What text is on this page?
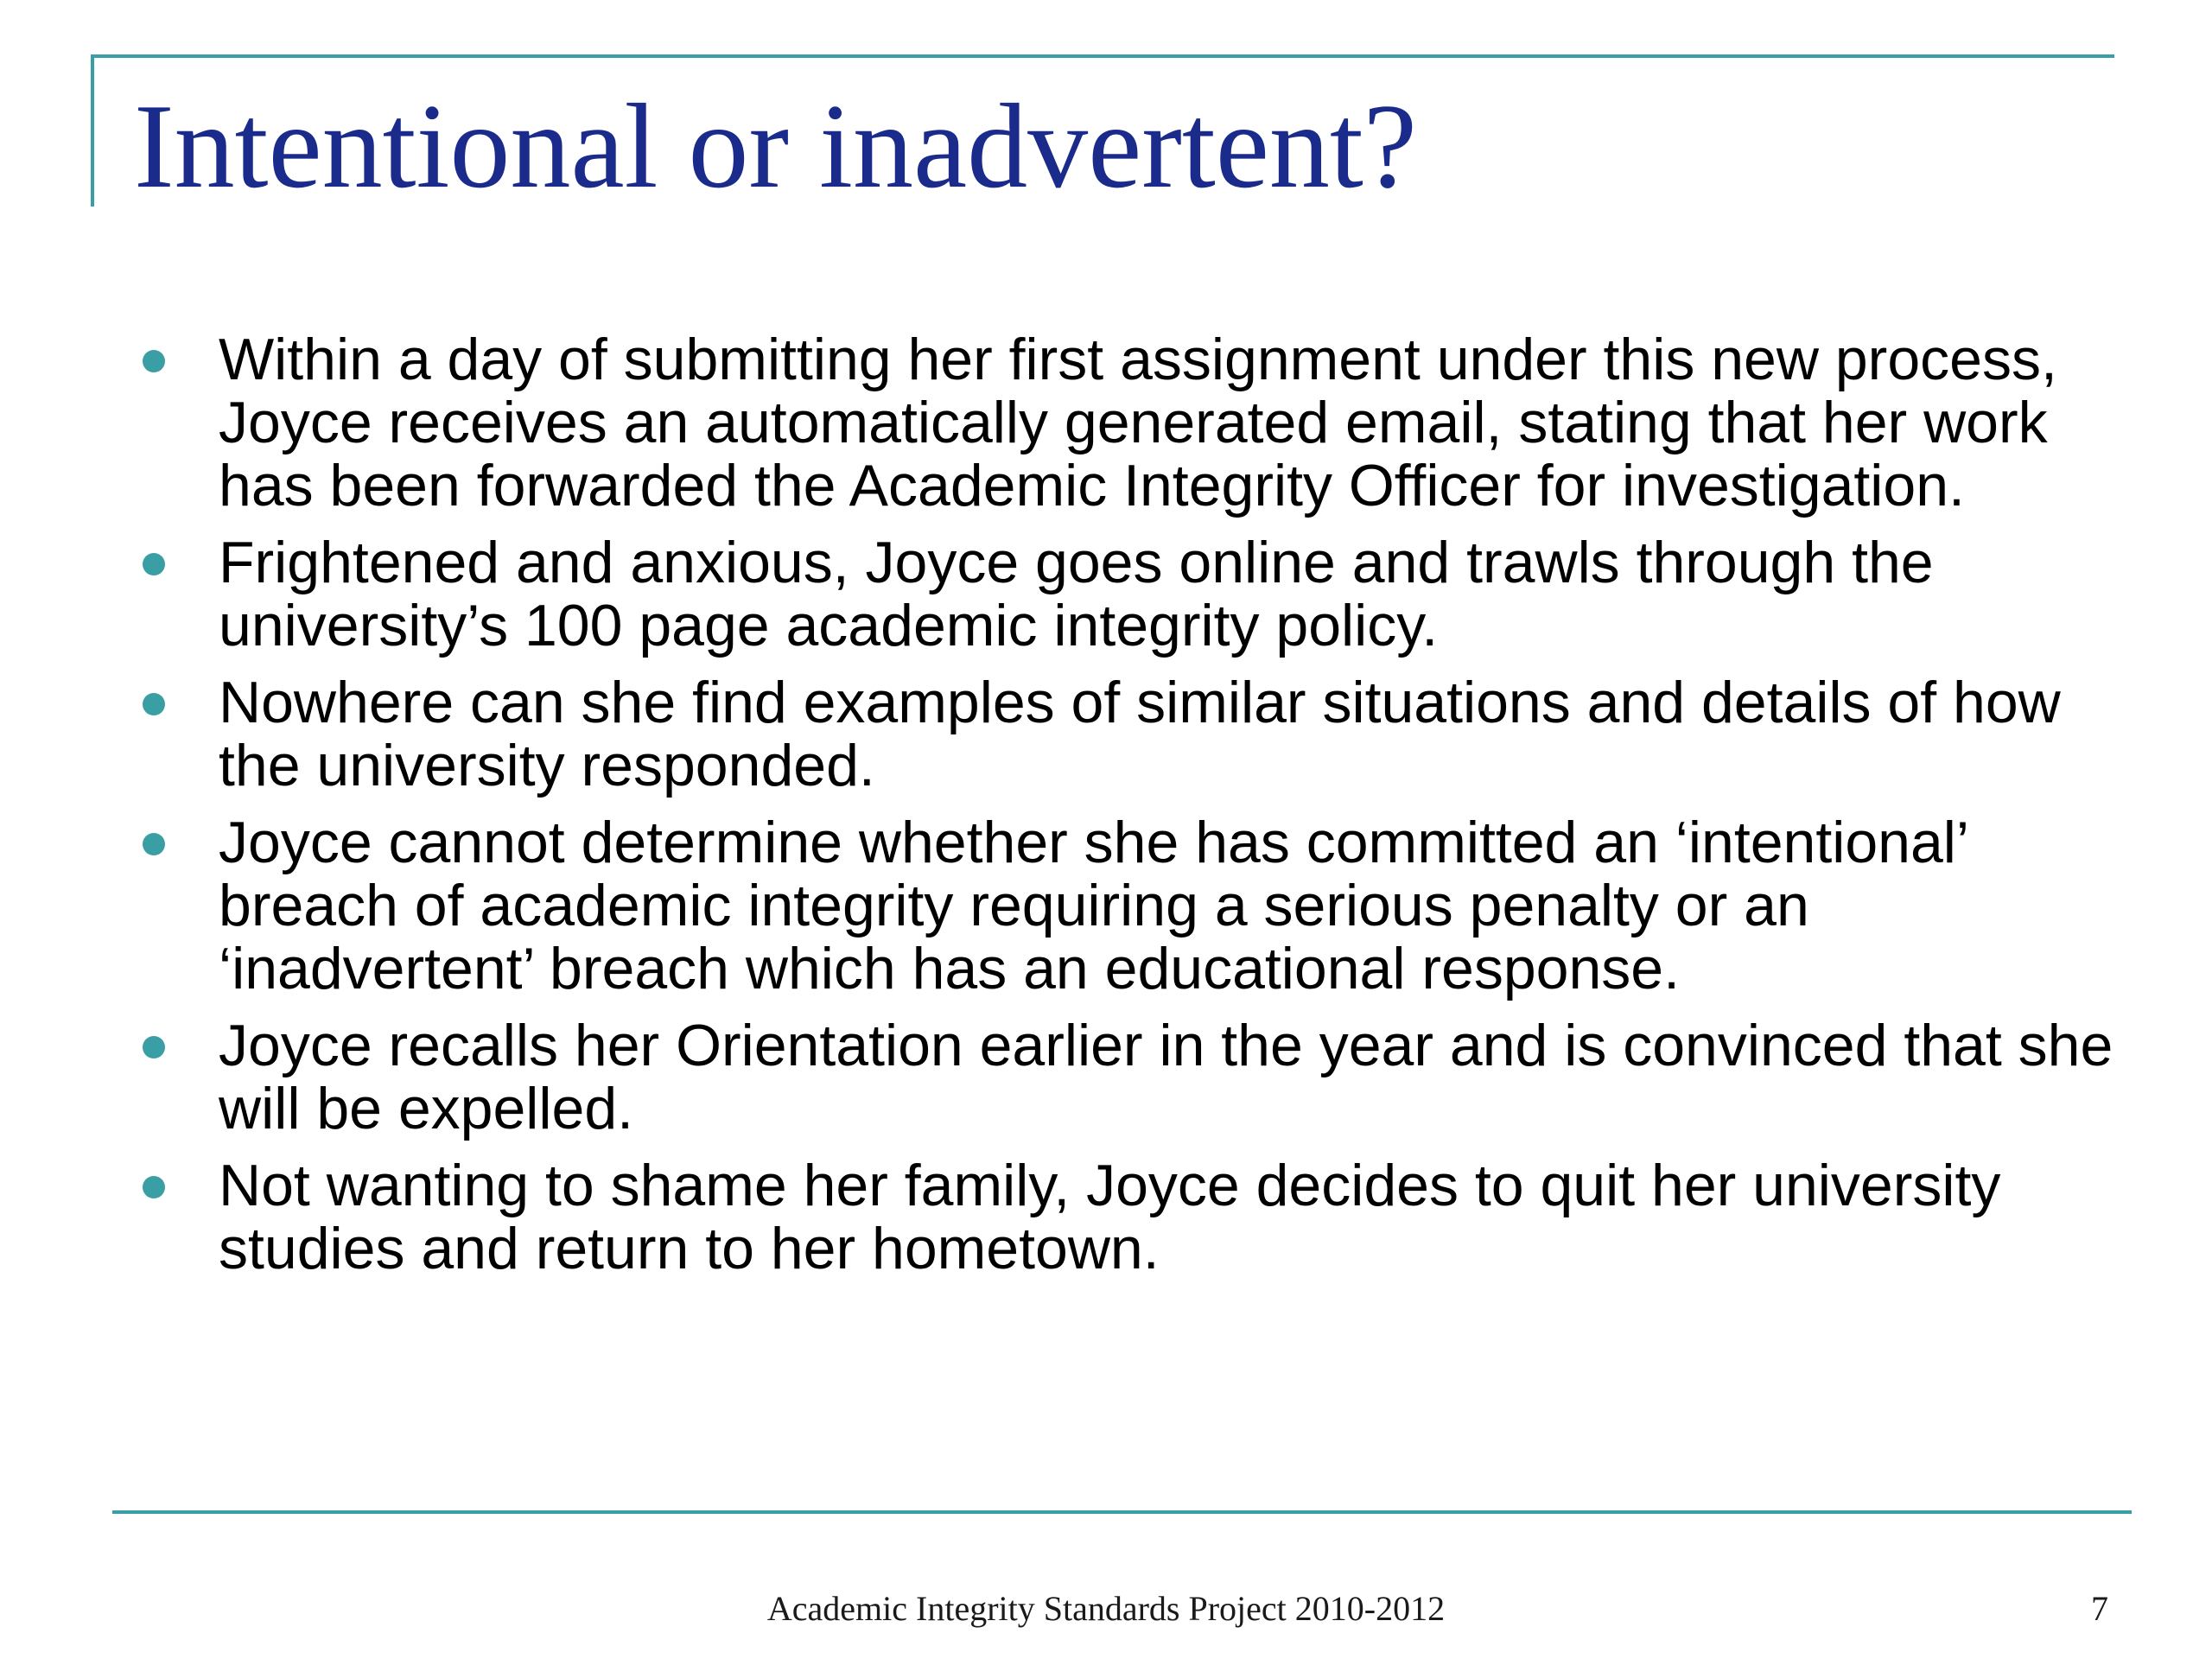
Intentional or inadvertent?
Within a day of submitting her first assignment under this new process, Joyce receives an automatically generated email, stating that her work has been forwarded the Academic Integrity Officer for investigation.
Frightened and anxious, Joyce goes online and trawls through the university’s 100 page academic integrity policy.
Nowhere can she find examples of similar situations and details of how the university responded.
Joyce cannot determine whether she has committed an ‘intentional’ breach of academic integrity requiring a serious penalty or an ‘inadvertent’ breach which has an educational response.
Joyce recalls her Orientation earlier in the year and is convinced that she will be expelled.
Not wanting to shame her family, Joyce decides to quit her university studies and return to her hometown.

Academic Integrity Standards Project 2010-2012	7
